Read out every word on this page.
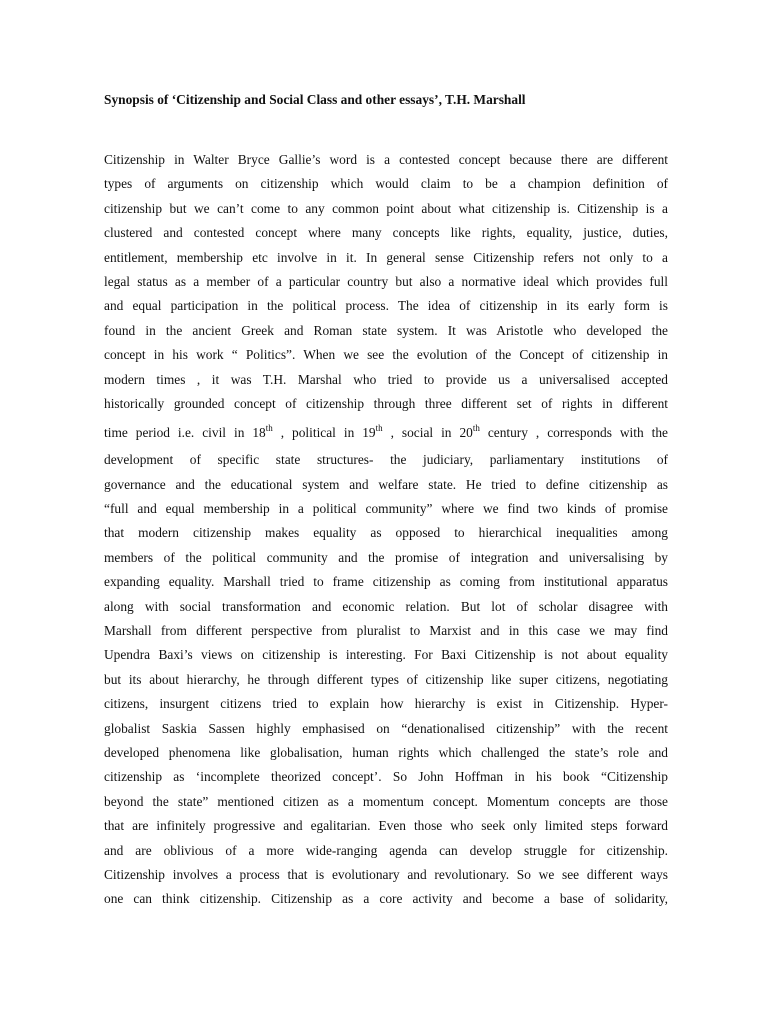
Synopsis of ‘Citizenship and Social Class and other essays’, T.H. Marshall
Citizenship in Walter Bryce Gallie’s word is a contested concept because there are different
types of arguments on citizenship which would claim to be a champion definition of
citizenship but we can’t come to any common point about what citizenship is. Citizenship is a
clustered and contested concept where many concepts like rights, equality, justice, duties,
entitlement, membership etc involve in it. In general sense Citizenship refers not only to a
legal status as a member of a particular country but also a normative ideal which provides full
and equal participation in the political process. The idea of citizenship in its early form is
found in the ancient Greek and Roman state system. It was Aristotle who developed the
concept in his work “ Politics”. When we see the evolution of the Concept of citizenship in
modern times , it was T.H. Marshal who tried to provide us a universalised accepted
historically grounded concept of citizenship through three different set of rights in different
time period i.e. civil in 18th , political in 19th , social in 20th century , corresponds with the
development of specific state structures- the judiciary, parliamentary institutions of
governance and the educational system and welfare state. He tried to define citizenship as
“full and equal membership in a political community” where we find two kinds of promise
that modern citizenship makes equality as opposed to hierarchical inequalities among
members of the political community and the promise of integration and universalising by
expanding equality. Marshall tried to frame citizenship as coming from institutional apparatus
along with social transformation and economic relation. But lot of scholar disagree with
Marshall from different perspective from pluralist to Marxist and in this case we may find
Upendra Baxi’s views on citizenship is interesting. For Baxi Citizenship is not about equality
but its about hierarchy, he through different types of citizenship like super citizens, negotiating
citizens, insurgent citizens tried to explain how hierarchy is exist in Citizenship. Hyper-
globalist Saskia Sassen highly emphasised on “denationalised citizenship” with the recent
developed phenomena like globalisation, human rights which challenged the state’s role and
citizenship as ‘incomplete theorized concept’. So John Hoffman in his book “Citizenship
beyond the state” mentioned citizen as a momentum concept. Momentum concepts are those
that are infinitely progressive and egalitarian. Even those who seek only limited steps forward
and are oblivious of a more wide-ranging agenda can develop struggle for citizenship.
Citizenship involves a process that is evolutionary and revolutionary. So we see different ways
one can think citizenship. Citizenship as a core activity and become a base of solidarity,
